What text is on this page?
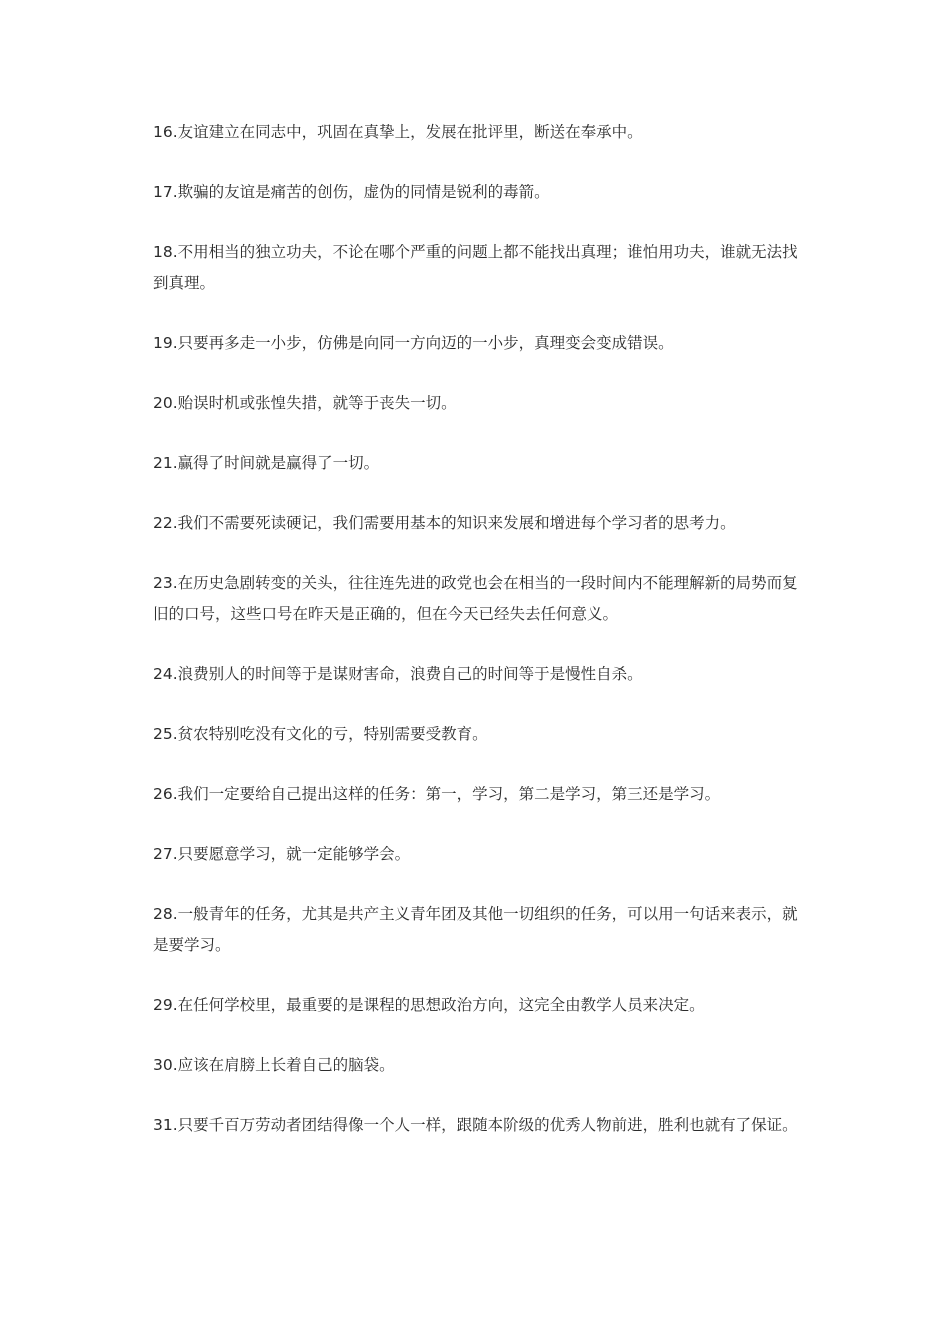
16.友谊建立在同志中，巩固在真挚上，发展在批评里，断送在奉承中。

17.欺骗的友谊是痛苦的创伤，虚伪的同情是锐利的毒箭。

18.不用相当的独立功夫，不论在哪个严重的问题上都不能找出真理；谁怕用功夫，谁就无法找到真理。

19.只要再多走一小步，仿佛是向同一方向迈的一小步，真理变会变成错误。

20.贻误时机或张惶失措，就等于丧失一切。

21.赢得了时间就是赢得了一切。

22.我们不需要死读硬记，我们需要用基本的知识来发展和增进每个学习者的思考力。

23.在历史急剧转变的关头，往往连先进的政党也会在相当的一段时间内不能理解新的局势而复旧的口号，这些口号在昨天是正确的，但在今天已经失去任何意义。

24.浪费别人的时间等于是谋财害命，浪费自己的时间等于是慢性自杀。

25.贫农特别吃没有文化的亏，特别需要受教育。

26.我们一定要给自己提出这样的任务：第一，学习，第二是学习，第三还是学习。

27.只要愿意学习，就一定能够学会。

28.一般青年的任务，尤其是共产主义青年团及其他一切组织的任务，可以用一句话来表示，就是要学习。

29.在任何学校里，最重要的是课程的思想政治方向，这完全由教学人员来决定。

30.应该在肩膀上长着自己的脑袋。

31.只要千百万劳动者团结得像一个人一样，跟随本阶级的优秀人物前进，胜利也就有了保证。
